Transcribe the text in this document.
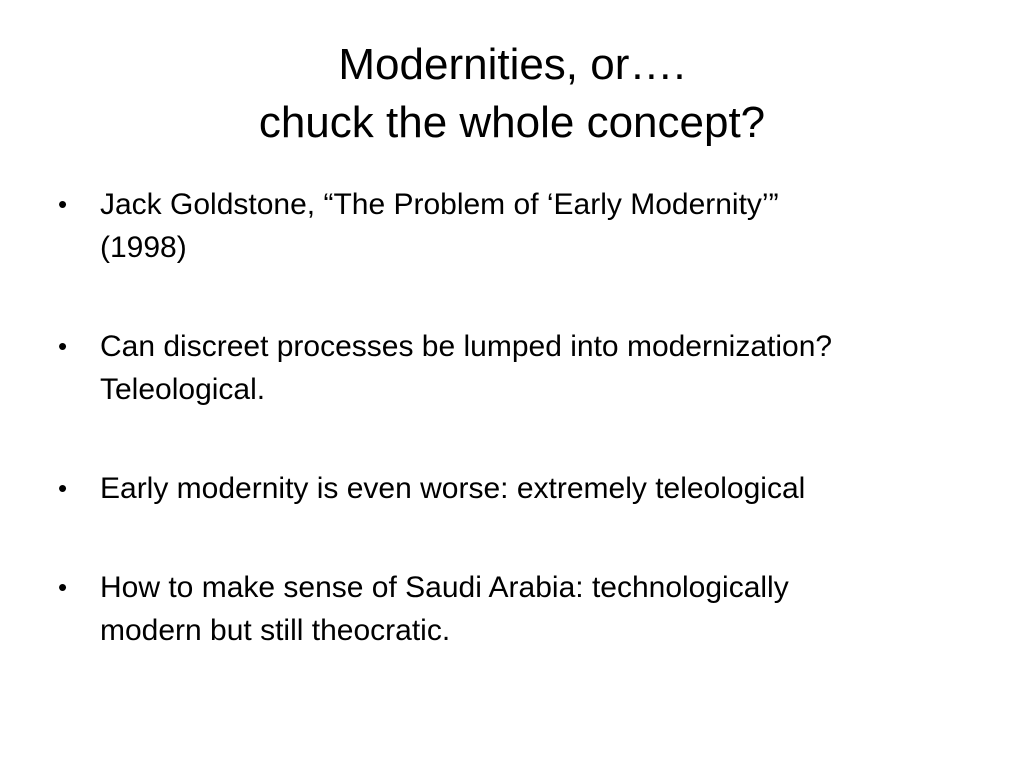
Modernities, or….
chuck the whole concept?
• Jack Goldstone, “The Problem of ‘Early Modernity’”
(1998)
• Can discreet processes be lumped into modernization?
Teleological.
• Early modernity is even worse: extremely teleological
• How to make sense of Saudi Arabia: technologically
modern but still theocratic.
